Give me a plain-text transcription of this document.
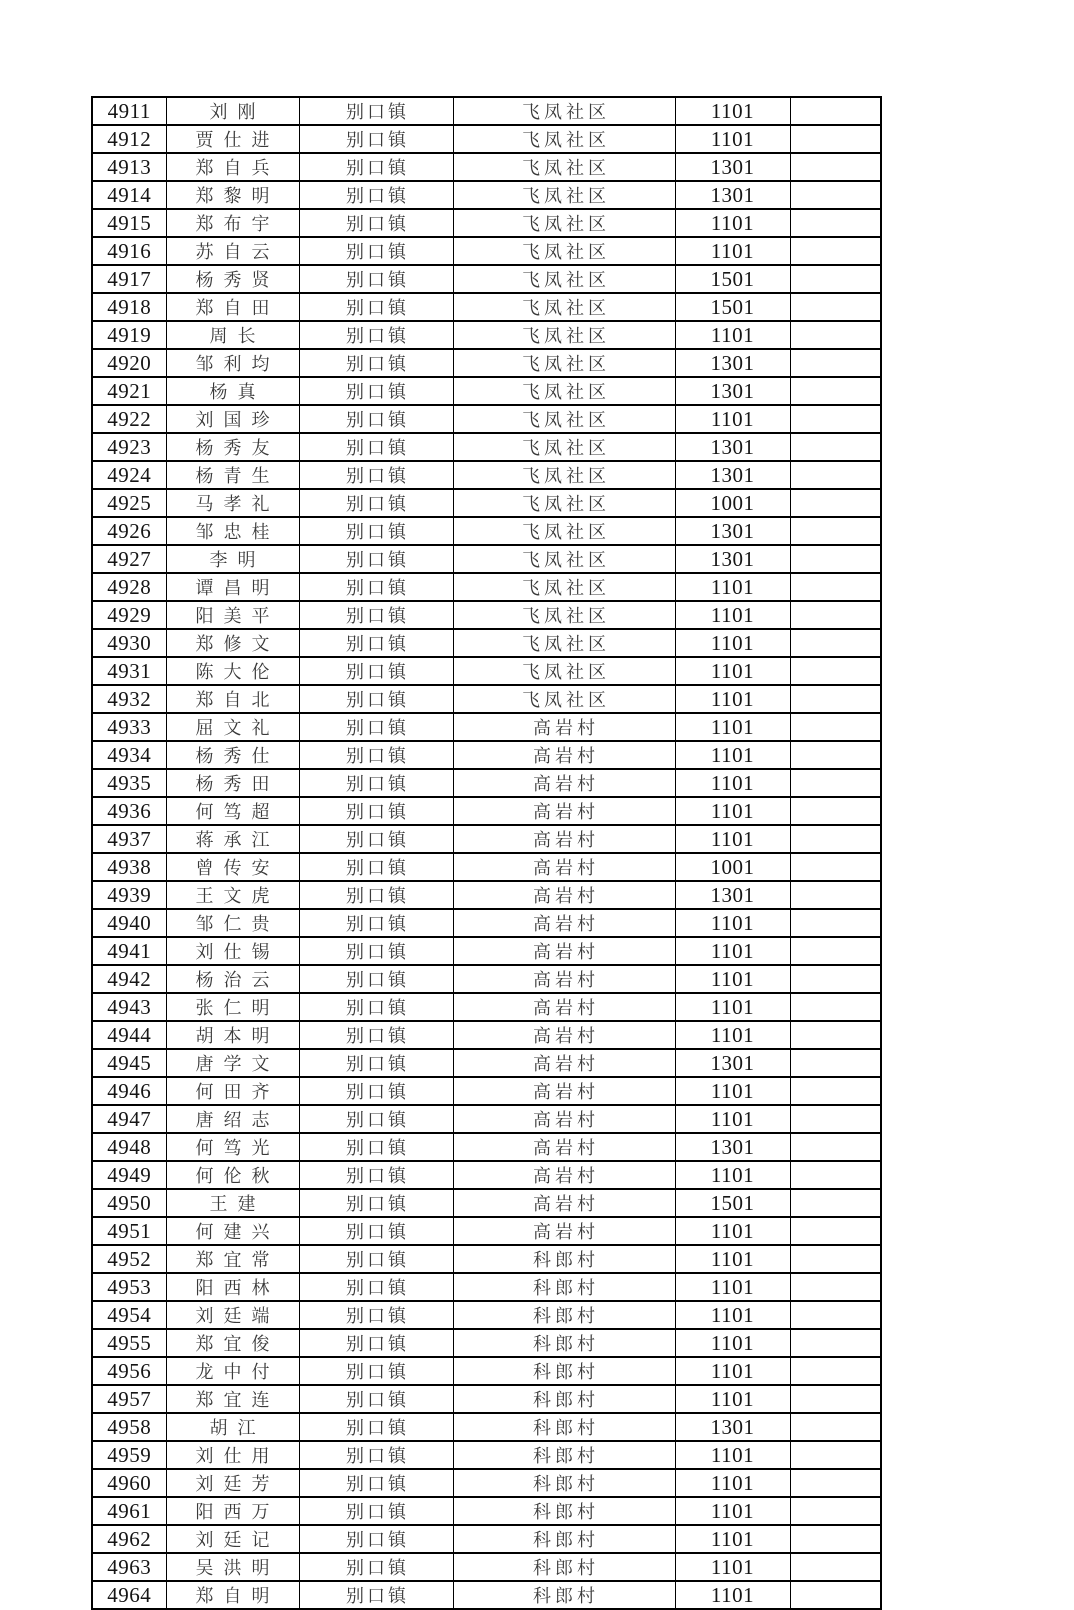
4911	刘刚	别口镇	飞凤社区	1101	
4912	贾仕进	别口镇	飞凤社区	1101	
4913	郑自兵	别口镇	飞凤社区	1301	
4914	郑黎明	别口镇	飞凤社区	1301	
4915	郑布宇	别口镇	飞凤社区	1101	
4916	苏自云	别口镇	飞凤社区	1101	
4917	杨秀贤	别口镇	飞凤社区	1501	
4918	郑自田	别口镇	飞凤社区	1501	
4919	周长	别口镇	飞凤社区	1101	
4920	邹利均	别口镇	飞凤社区	1301	
4921	杨真	别口镇	飞凤社区	1301	
4922	刘国珍	别口镇	飞凤社区	1101	
4923	杨秀友	别口镇	飞凤社区	1301	
4924	杨青生	别口镇	飞凤社区	1301	
4925	马孝礼	别口镇	飞凤社区	1001	
4926	邹忠桂	别口镇	飞凤社区	1301	
4927	李明	别口镇	飞凤社区	1301	
4928	谭昌明	别口镇	飞凤社区	1101	
4929	阳美平	别口镇	飞凤社区	1101	
4930	郑修文	别口镇	飞凤社区	1101	
4931	陈大伦	别口镇	飞凤社区	1101	
4932	郑自北	别口镇	飞凤社区	1101	
4933	屈文礼	别口镇	高岩村	1101	
4934	杨秀仕	别口镇	高岩村	1101	
4935	杨秀田	别口镇	高岩村	1101	
4936	何笃超	别口镇	高岩村	1101	
4937	蒋承江	别口镇	高岩村	1101	
4938	曾传安	别口镇	高岩村	1001	
4939	王文虎	别口镇	高岩村	1301	
4940	邹仁贵	别口镇	高岩村	1101	
4941	刘仕锡	别口镇	高岩村	1101	
4942	杨治云	别口镇	高岩村	1101	
4943	张仁明	别口镇	高岩村	1101	
4944	胡本明	别口镇	高岩村	1101	
4945	唐学文	别口镇	高岩村	1301	
4946	何田齐	别口镇	高岩村	1101	
4947	唐绍志	别口镇	高岩村	1101	
4948	何笃光	别口镇	高岩村	1301	
4949	何伦秋	别口镇	高岩村	1101	
4950	王建	别口镇	高岩村	1501	
4951	何建兴	别口镇	高岩村	1101	
4952	郑宜常	别口镇	科郎村	1101	
4953	阳西林	别口镇	科郎村	1101	
4954	刘廷端	别口镇	科郎村	1101	
4955	郑宜俊	别口镇	科郎村	1101	
4956	龙中付	别口镇	科郎村	1101	
4957	郑宜连	别口镇	科郎村	1101	
4958	胡江	别口镇	科郎村	1301	
4959	刘仕用	别口镇	科郎村	1101	
4960	刘廷芳	别口镇	科郎村	1101	
4961	阳西万	别口镇	科郎村	1101	
4962	刘廷记	别口镇	科郎村	1101	
4963	吴洪明	别口镇	科郎村	1101	
4964	郑自明	别口镇	科郎村	1101	
